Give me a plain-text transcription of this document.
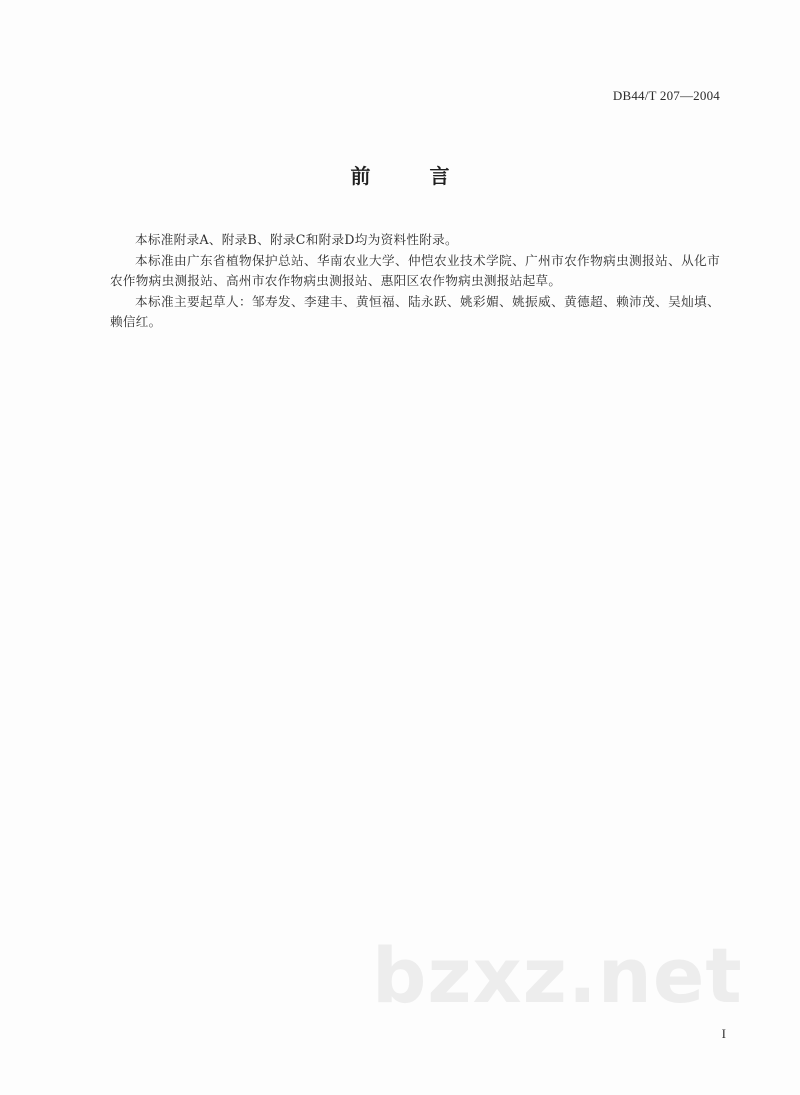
DB44/T 207—2004
前 言

本标准附录A、附录B、附录C和附录D均为资料性附录。

本标准由广东省植物保护总站、华南农业大学、仲恺农业技术学院、广州市农作物病虫测报站、从化市农作物病虫测报站、高州市农作物病虫测报站、惠阳区农作物病虫测报站起草。

本标准主要起草人：邹寿发、李建丰、黄恒福、陆永跃、姚彩媚、姚振威、黄德超、赖沛茂、吴灿填、赖信红。

bzxz.net
I
